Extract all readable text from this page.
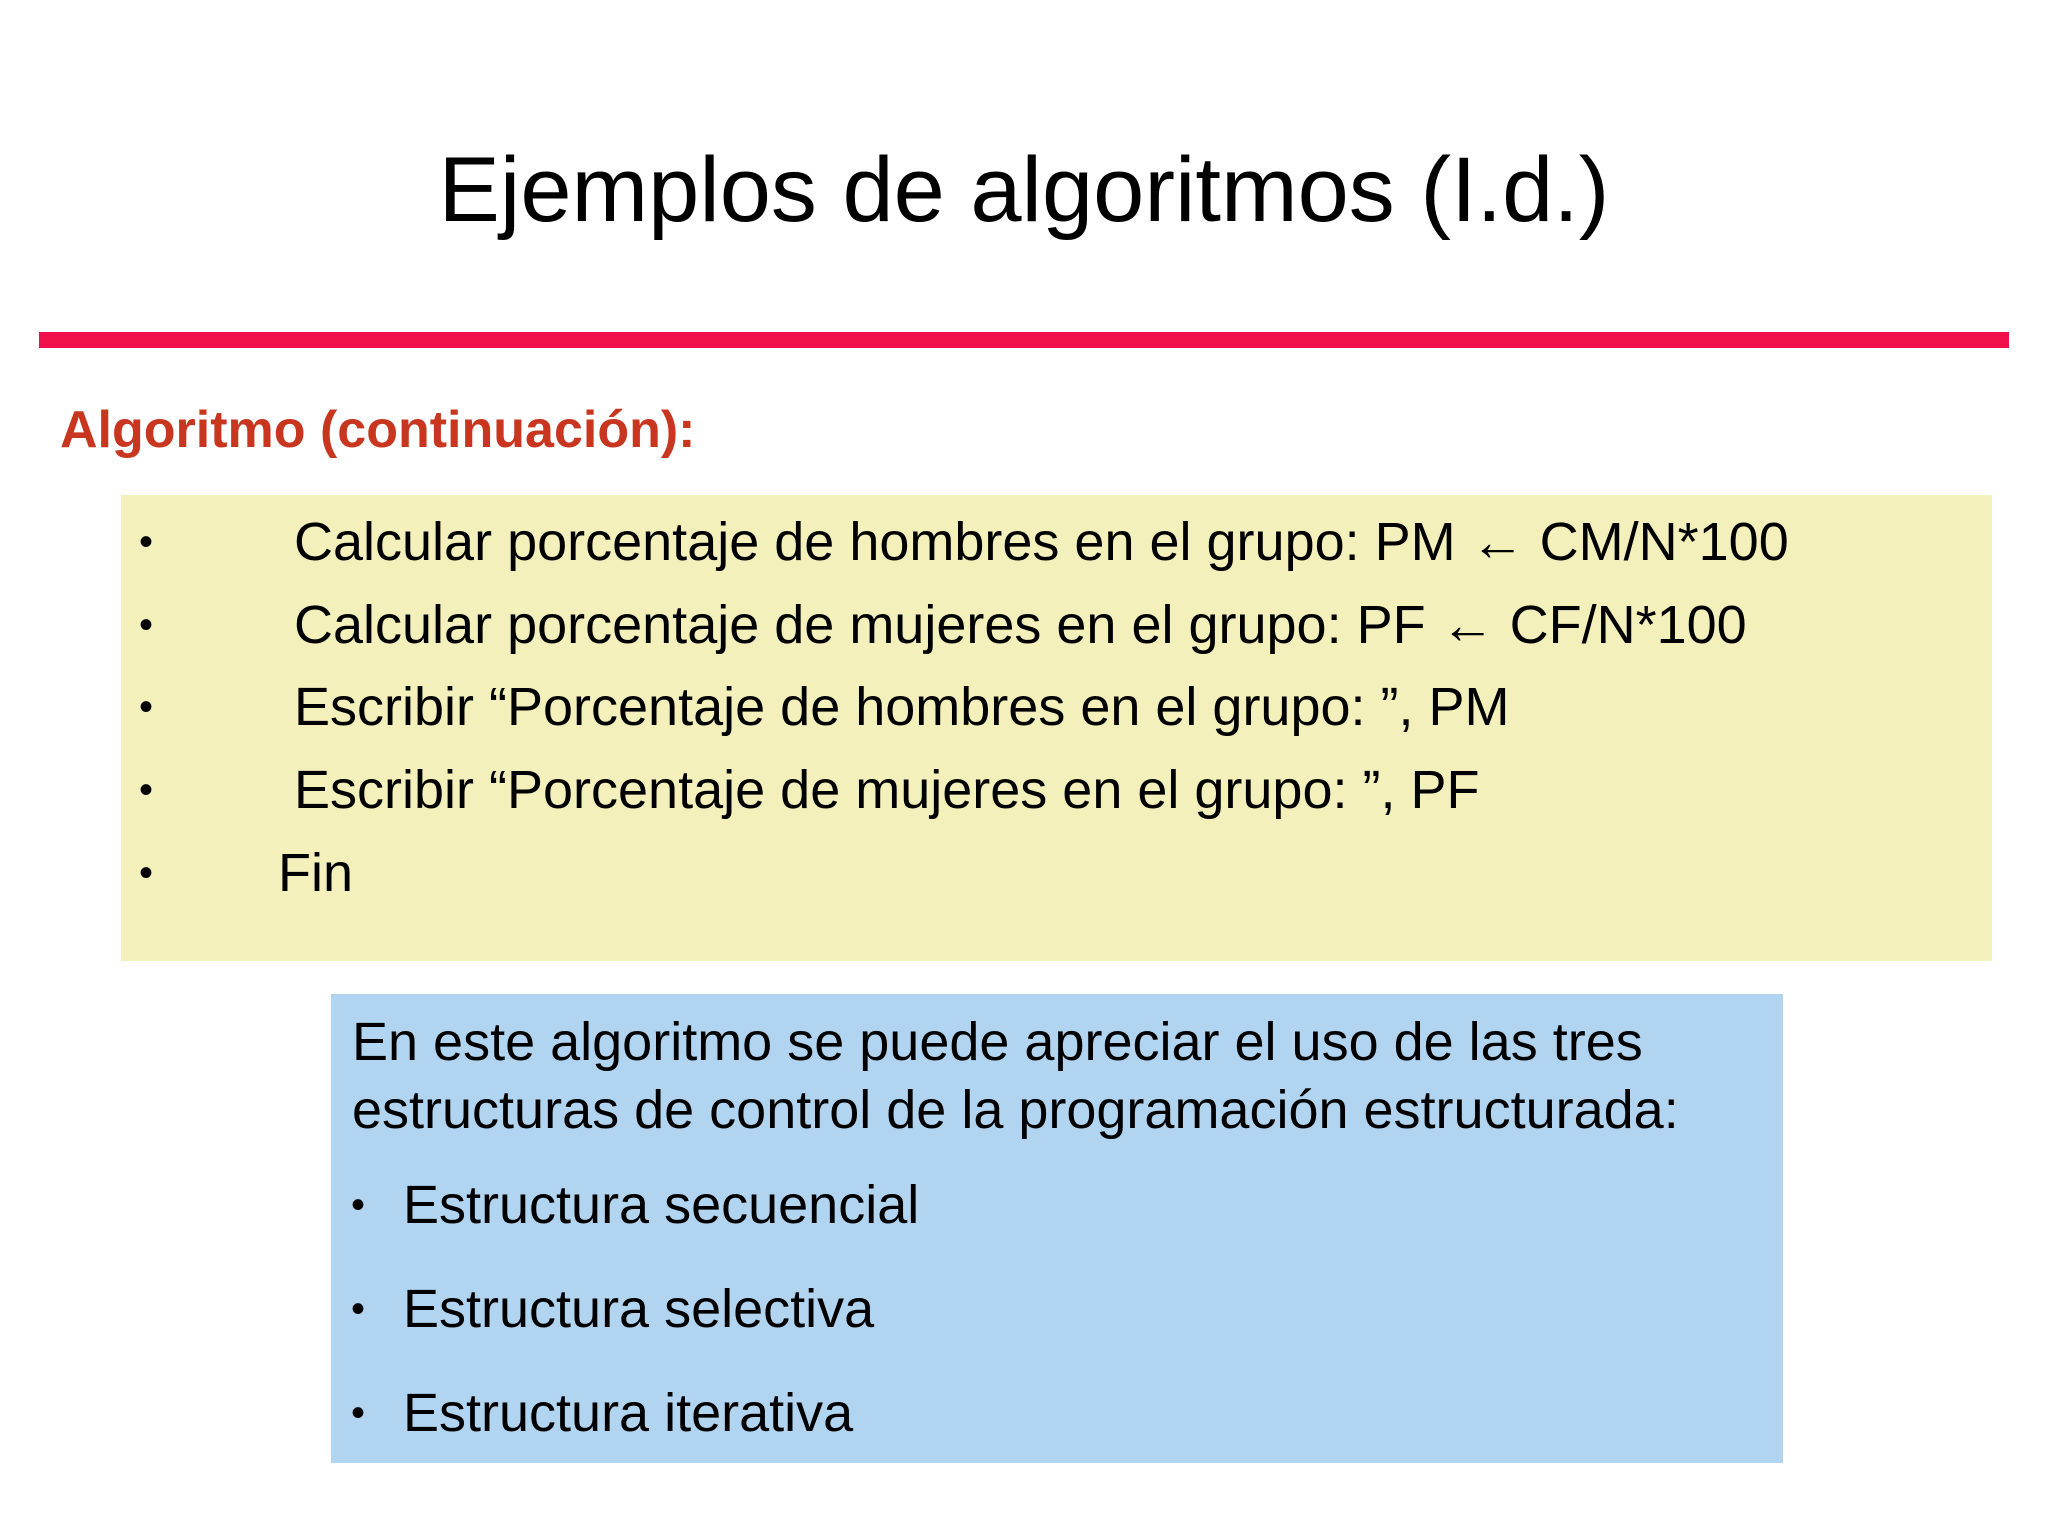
Ejemplos de algoritmos (I.d.)
Algoritmo (continuación):
•	Calcular porcentaje de hombres en el grupo: PM ← CM/N*100
•	Calcular porcentaje de mujeres en el grupo: PF ← CF/N*100
•	Escribir “Porcentaje de hombres en el grupo: ”, PM
•	Escribir “Porcentaje de mujeres en el grupo: ”, PF
• Fin

En este algoritmo se puede apreciar el uso de las tres estructuras de control de la programación estructurada:

• Estructura secuencial
• Estructura selectiva
• Estructura iterativa
